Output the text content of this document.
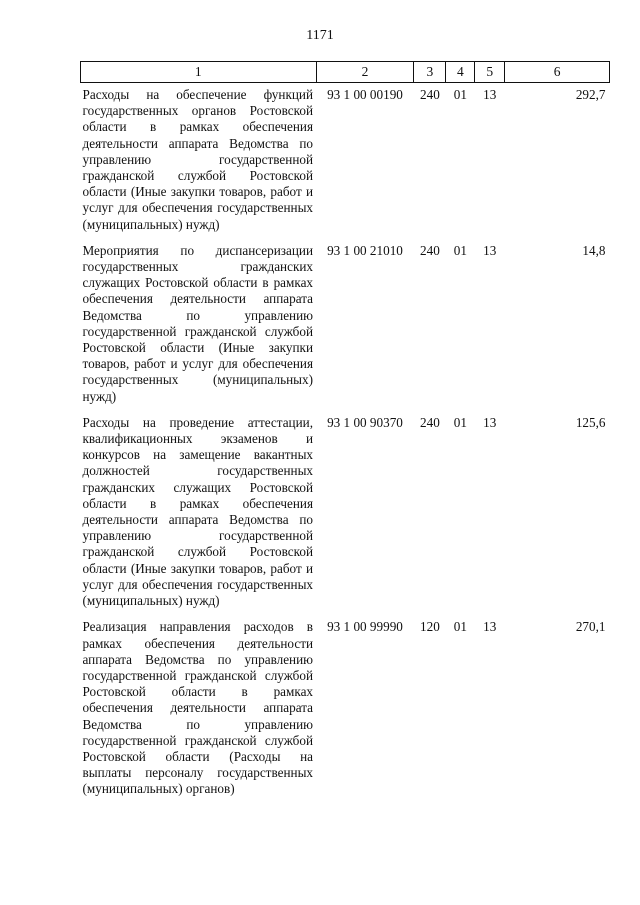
1171
1	2	3	4	5	6
Расходы на обеспечение функций государственных органов Ростовской области в рамках обеспечения деятельности аппарата Ведомства по управлению государственной гражданской службой Ростовской области (Иные закупки товаров, работ и услуг для обеспечения государственных (муниципальных) нужд)	93 1 00 00190	240	01	13	292,7
Мероприятия по диспансеризации государственных гражданских служащих Ростовской области в рамках обеспечения деятельности аппарата Ведомства по управлению государственной гражданской службой Ростовской области (Иные закупки товаров, работ и услуг для обеспечения государственных (муниципальных) нужд)	93 1 00 21010	240	01	13	14,8
Расходы на проведение аттестации, квалификационных экзаменов и конкурсов на замещение вакантных должностей государственных гражданских служащих Ростовской области в рамках обеспечения деятельности аппарата Ведомства по управлению государственной гражданской службой Ростовской области (Иные закупки товаров, работ и услуг для обеспечения государственных (муниципальных) нужд)	93 1 00 90370	240	01	13	125,6
Реализация направления расходов в рамках обеспечения деятельности аппарата Ведомства по управлению государственной гражданской службой Ростовской области в рамках обеспечения деятельности аппарата Ведомства по управлению государственной гражданской службой Ростовской области (Расходы на выплаты персоналу государственных (муниципальных) органов)	93 1 00 99990	120	01	13	270,1
